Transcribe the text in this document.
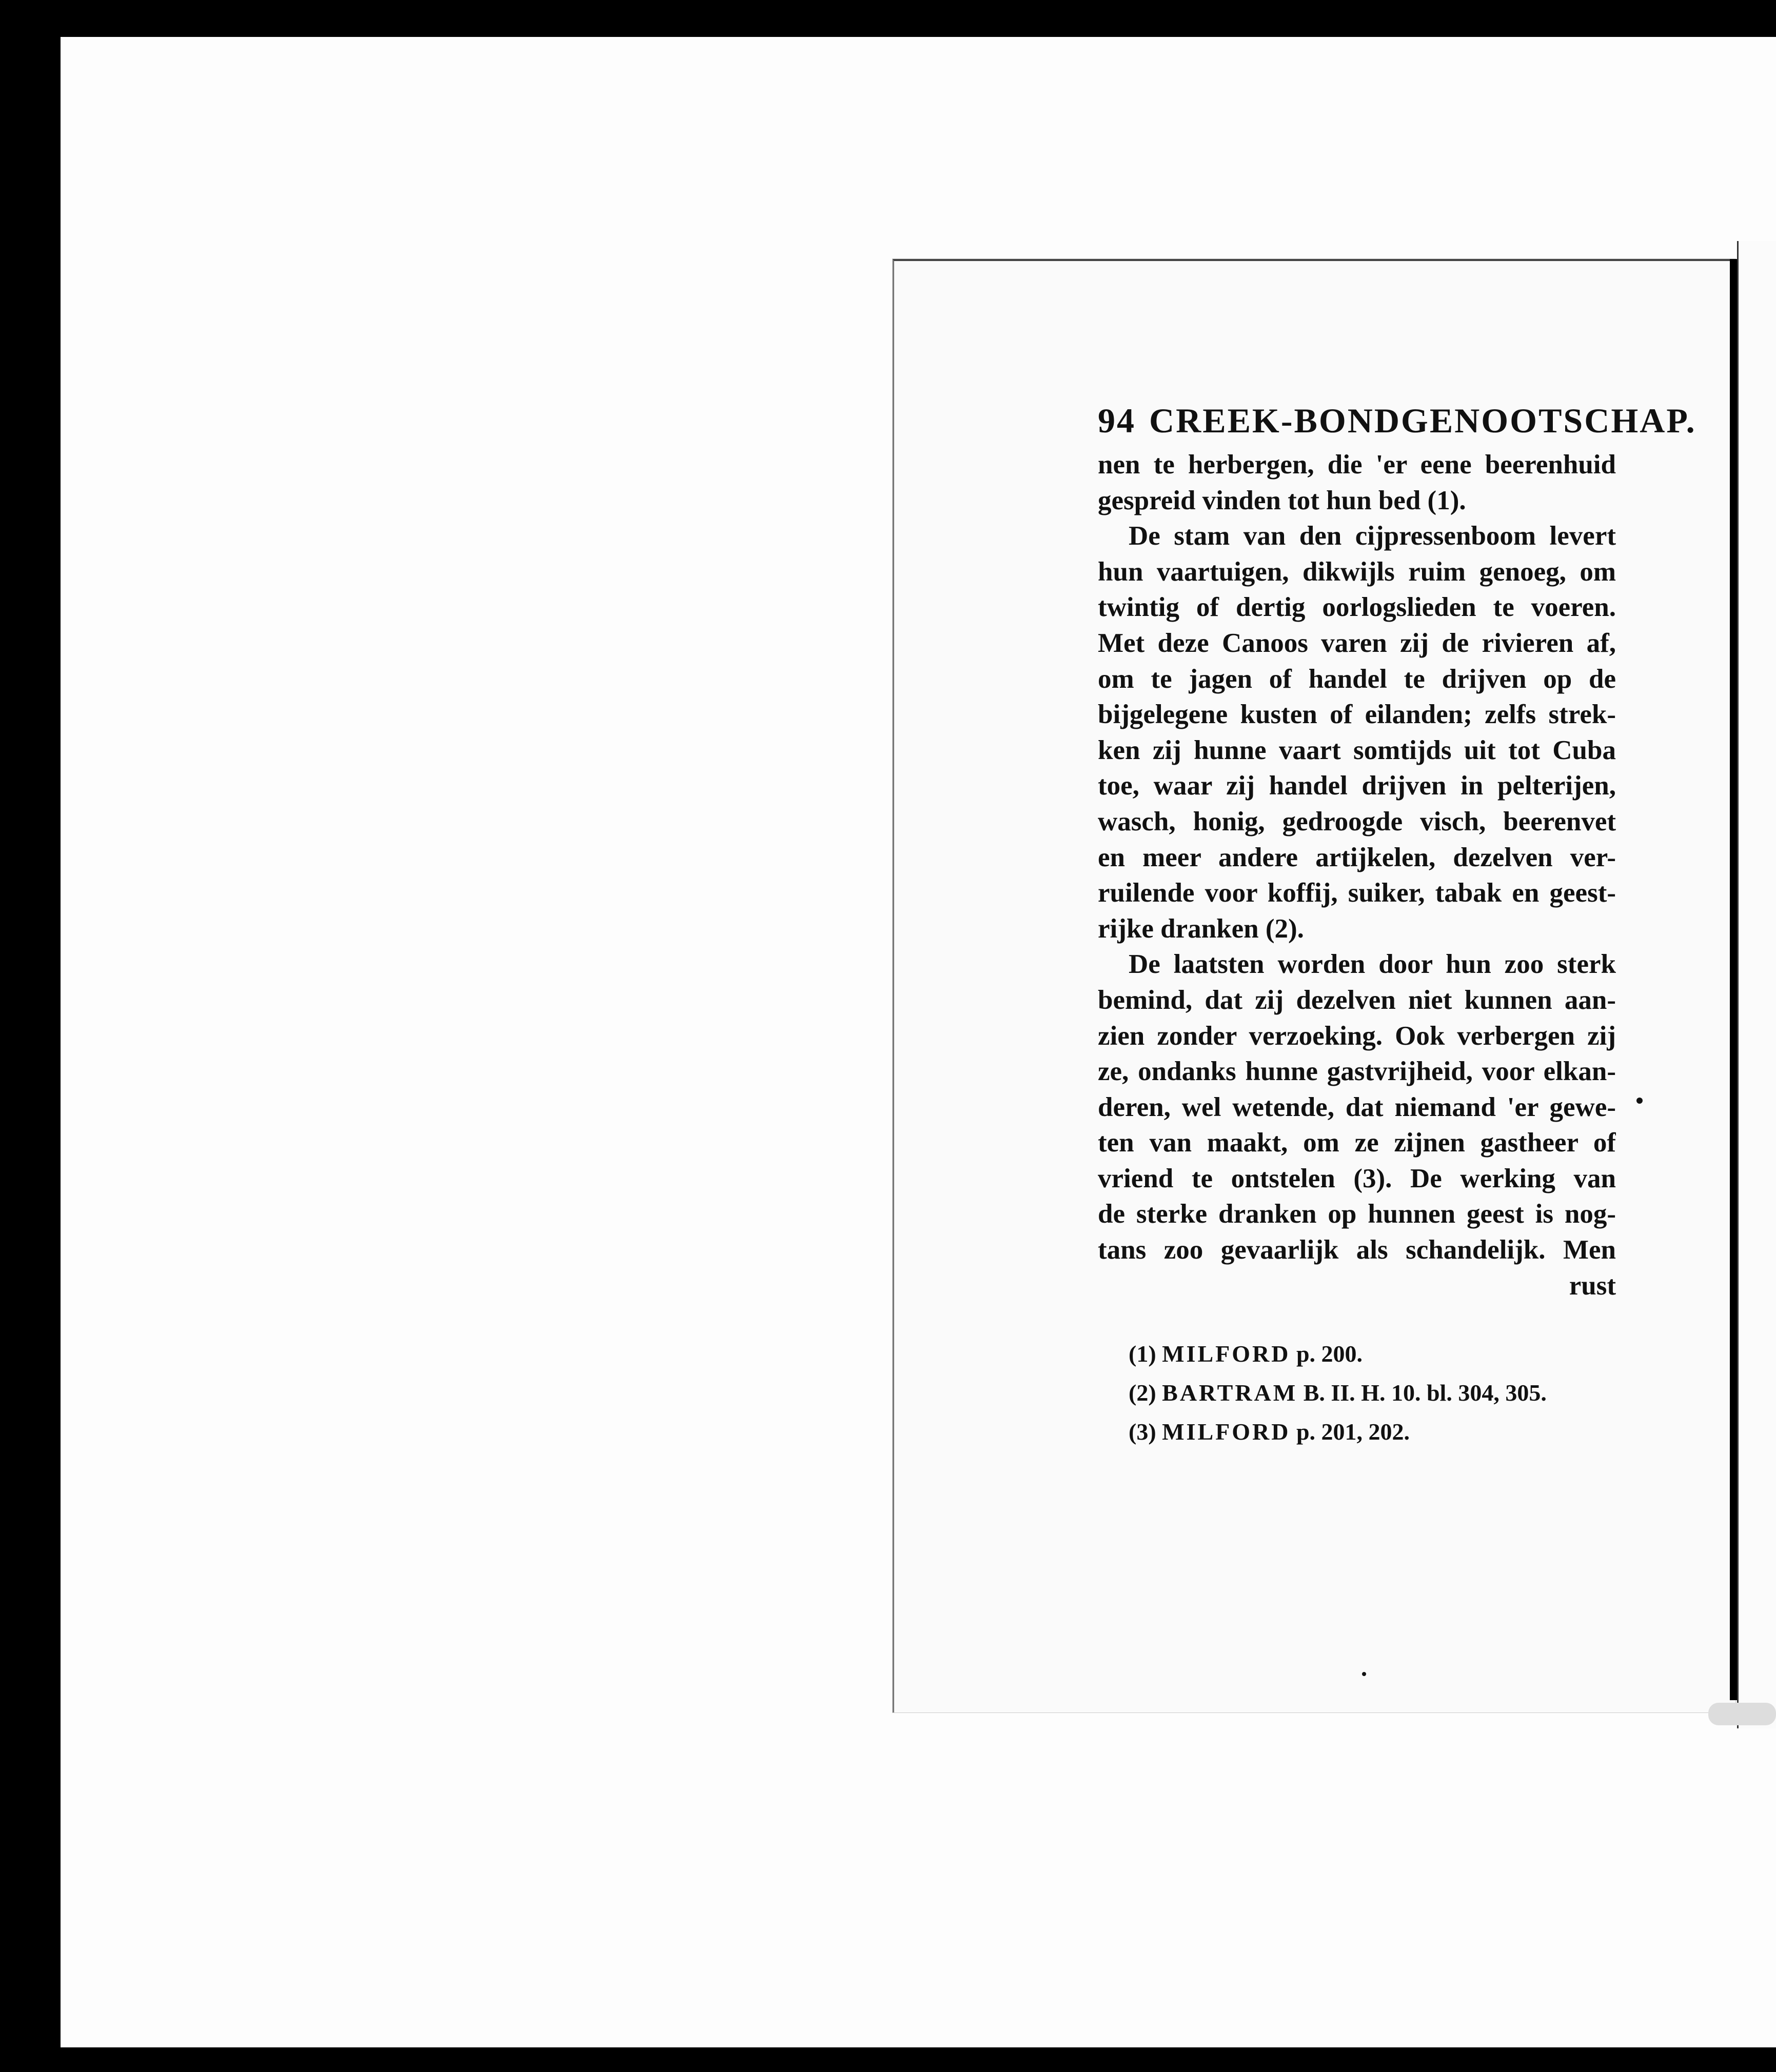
94 CREEK-BONDGENOOTSCHAP.
nen te herbergen, die 'er eene beerenhuid
gespreid vinden tot hun bed (1).
De stam van den cijpressenboom levert
hun vaartuigen, dikwijls ruim genoeg, om
twintig of dertig oorlogslieden te voeren.
Met deze Canoos varen zij de rivieren af,
om te jagen of handel te drijven op de
bijgelegene kusten of eilanden; zelfs strek-
ken zij hunne vaart somtijds uit tot Cuba
toe, waar zij handel drijven in pelterijen,
wasch, honig, gedroogde visch, beerenvet
en meer andere artijkelen, dezelven ver-
ruilende voor koffij, suiker, tabak en geest-
rijke dranken (2).
De laatsten worden door hun zoo sterk
bemind, dat zij dezelven niet kunnen aan-
zien zonder verzoeking. Ook verbergen zij
ze, ondanks hunne gastvrijheid, voor elkan-
deren, wel wetende, dat niemand 'er gewe-
ten van maakt, om ze zijnen gastheer of
vriend te ontstelen (3). De werking van
de sterke dranken op hunnen geest is nog-
tans zoo gevaarlijk als schandelijk. Men
rust
(1) MILFORD p. 200.
(2) BARTRAM B. II. H. 10. bl. 304, 305.
(3) MILFORD p. 201, 202.
